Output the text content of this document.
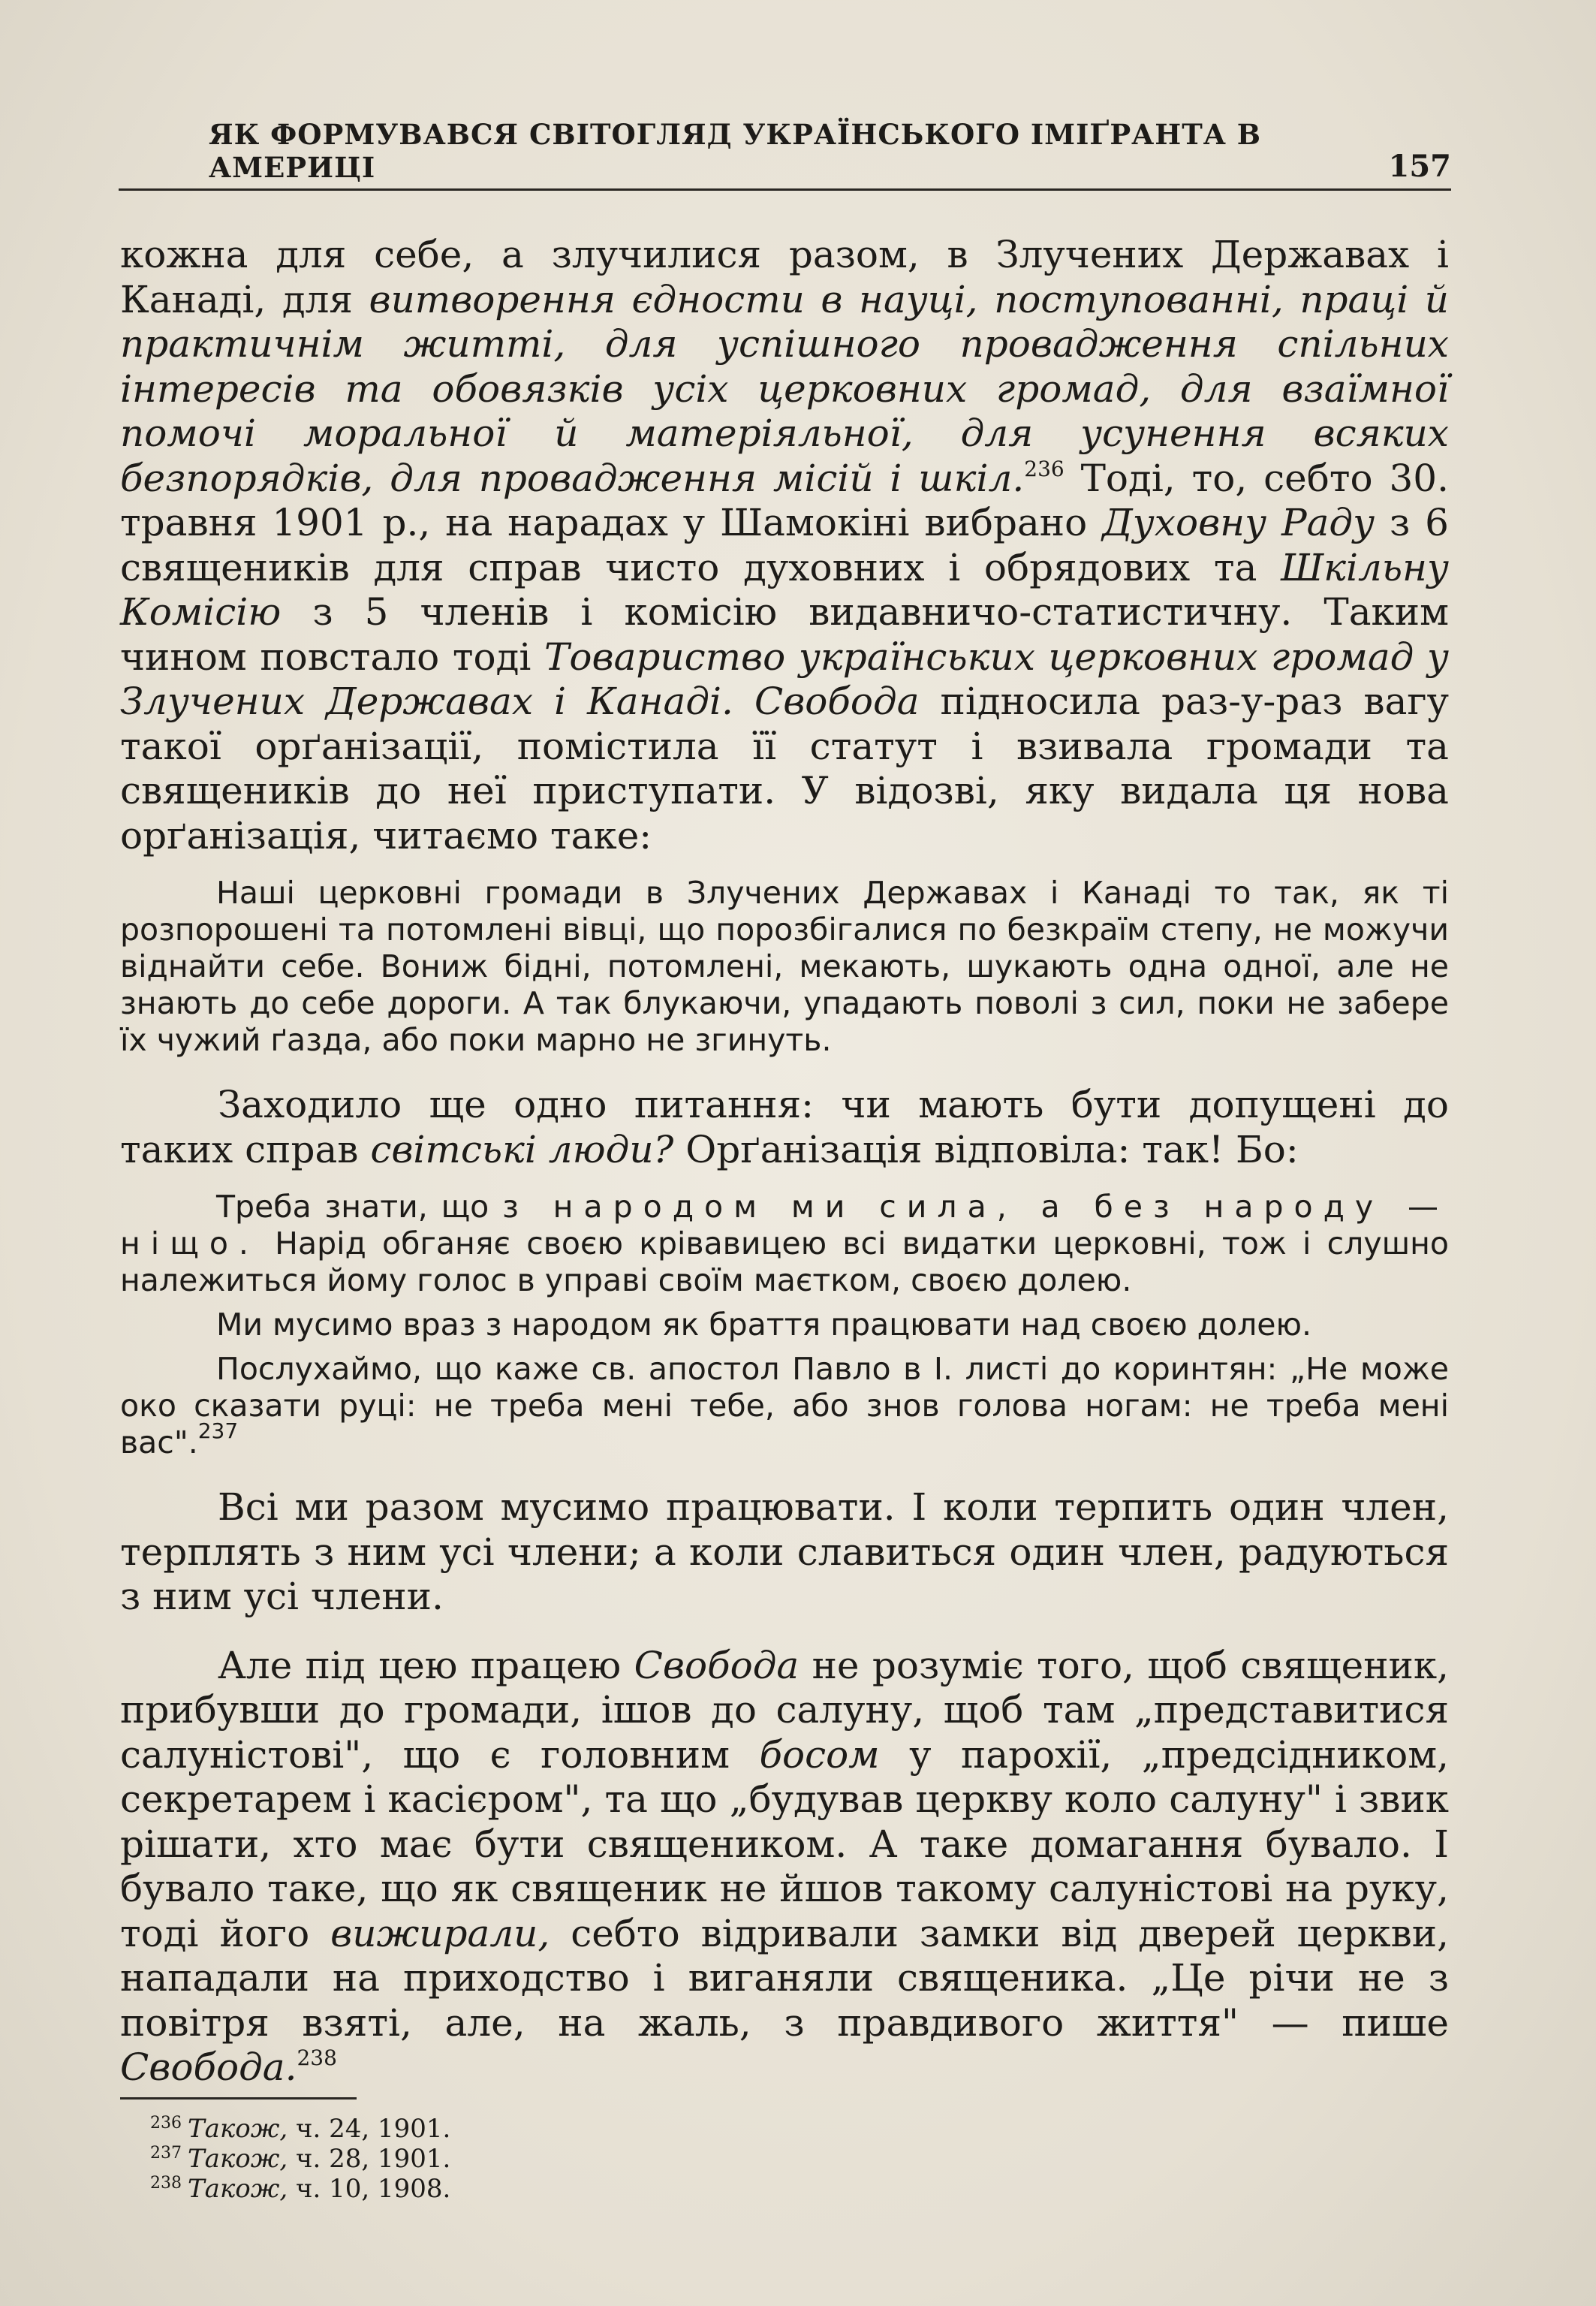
ЯК ФОРМУВАВСЯ СВІТОГЛЯД УКРАЇНСЬКОГО ІМІҐРАНТА В АМЕРИЦІ	157

кожна для себе, а злучилися разом, в Злучених Державах і Канаді, для витворення єдности в науці, поступованні, праці й практичнім житті, для успішного провадження спільних інтересів та обовязків усіх церковних громад, для взаїмної помочі моральної й матеріяльної, для усунення всяких безпорядків, для провадження місій і шкіл.$^{236}$ Тоді, то, себто 30. травня 1901 р., на нарадах у Шамокіні вибрано Духовну Раду з 6 священиків для справ чисто духовних і обрядових та Шкільну Комісію з 5 членів і комісію видавничо-статистичну. Таким чином повстало тоді Товариство українських церковних громад у Злучених Державах і Канаді. Свобода підносила раз-у-раз вагу такої орґанізації, помістила її статут і взивала громади та священиків до неї приступати. У відозві, яку видала ця нова орґанізація, читаємо таке:

Наші церковні громади в Злучених Державах і Канаді то так, як ті розпорошені та потомлені вівці, що порозбігалися по безкраїм степу, не можучи віднайти себе. Вониж бідні, потомлені, мекають, шукають одна одної, але не знають до себе дороги. А так блукаючи, упадають поволі з сил, поки не забере їх чужий ґазда, або поки марно не згинуть.

Заходило ще одно питання: чи мають бути допущені до таких справ світські люди? Орґанізація відповіла: так! Бо:

Треба знати, що з народом ми сила, а без народу — ніщо. Нарід обганяє своєю крівавицею всі видатки церковні, тож і слушно належиться йому голос в управі своїм маєтком, своєю долею.

Ми мусимо враз з народом як браття працювати над своєю долею.

Послухаймо, що каже св. апостол Павло в І. листі до коринтян: „Не може око сказати руці: не треба мені тебе, або знов голова ногам: не треба мені вас".$^{237}$

Всі ми разом мусимо працювати. І коли терпить один член, терплять з ним усі члени; а коли славиться один член, радуються з ним усі члени.

Але під цею працею Свобода не розуміє того, щоб священик, прибувши до громади, ішов до салуну, щоб там „представитися салуністові", що є головним босом у парохії, „предсідником, секретарем і касієром", та що „будував церкву коло салуну" і звик рішати, хто має бути священиком. А таке домагання бувало. І бувало таке, що як священик не йшов такому салуністові на руку, тоді його вижирали, себто відривали замки від дверей церкви, нападали на приходство і виганяли священика. „Це річи не з повітря взяті, але, на жаль, з правдивого життя" — пише Свобода.$^{238}$

$^{236}$ Також, ч. 24, 1901.
$^{237}$ Також, ч. 28, 1901.
$^{238}$ Також, ч. 10, 1908.
